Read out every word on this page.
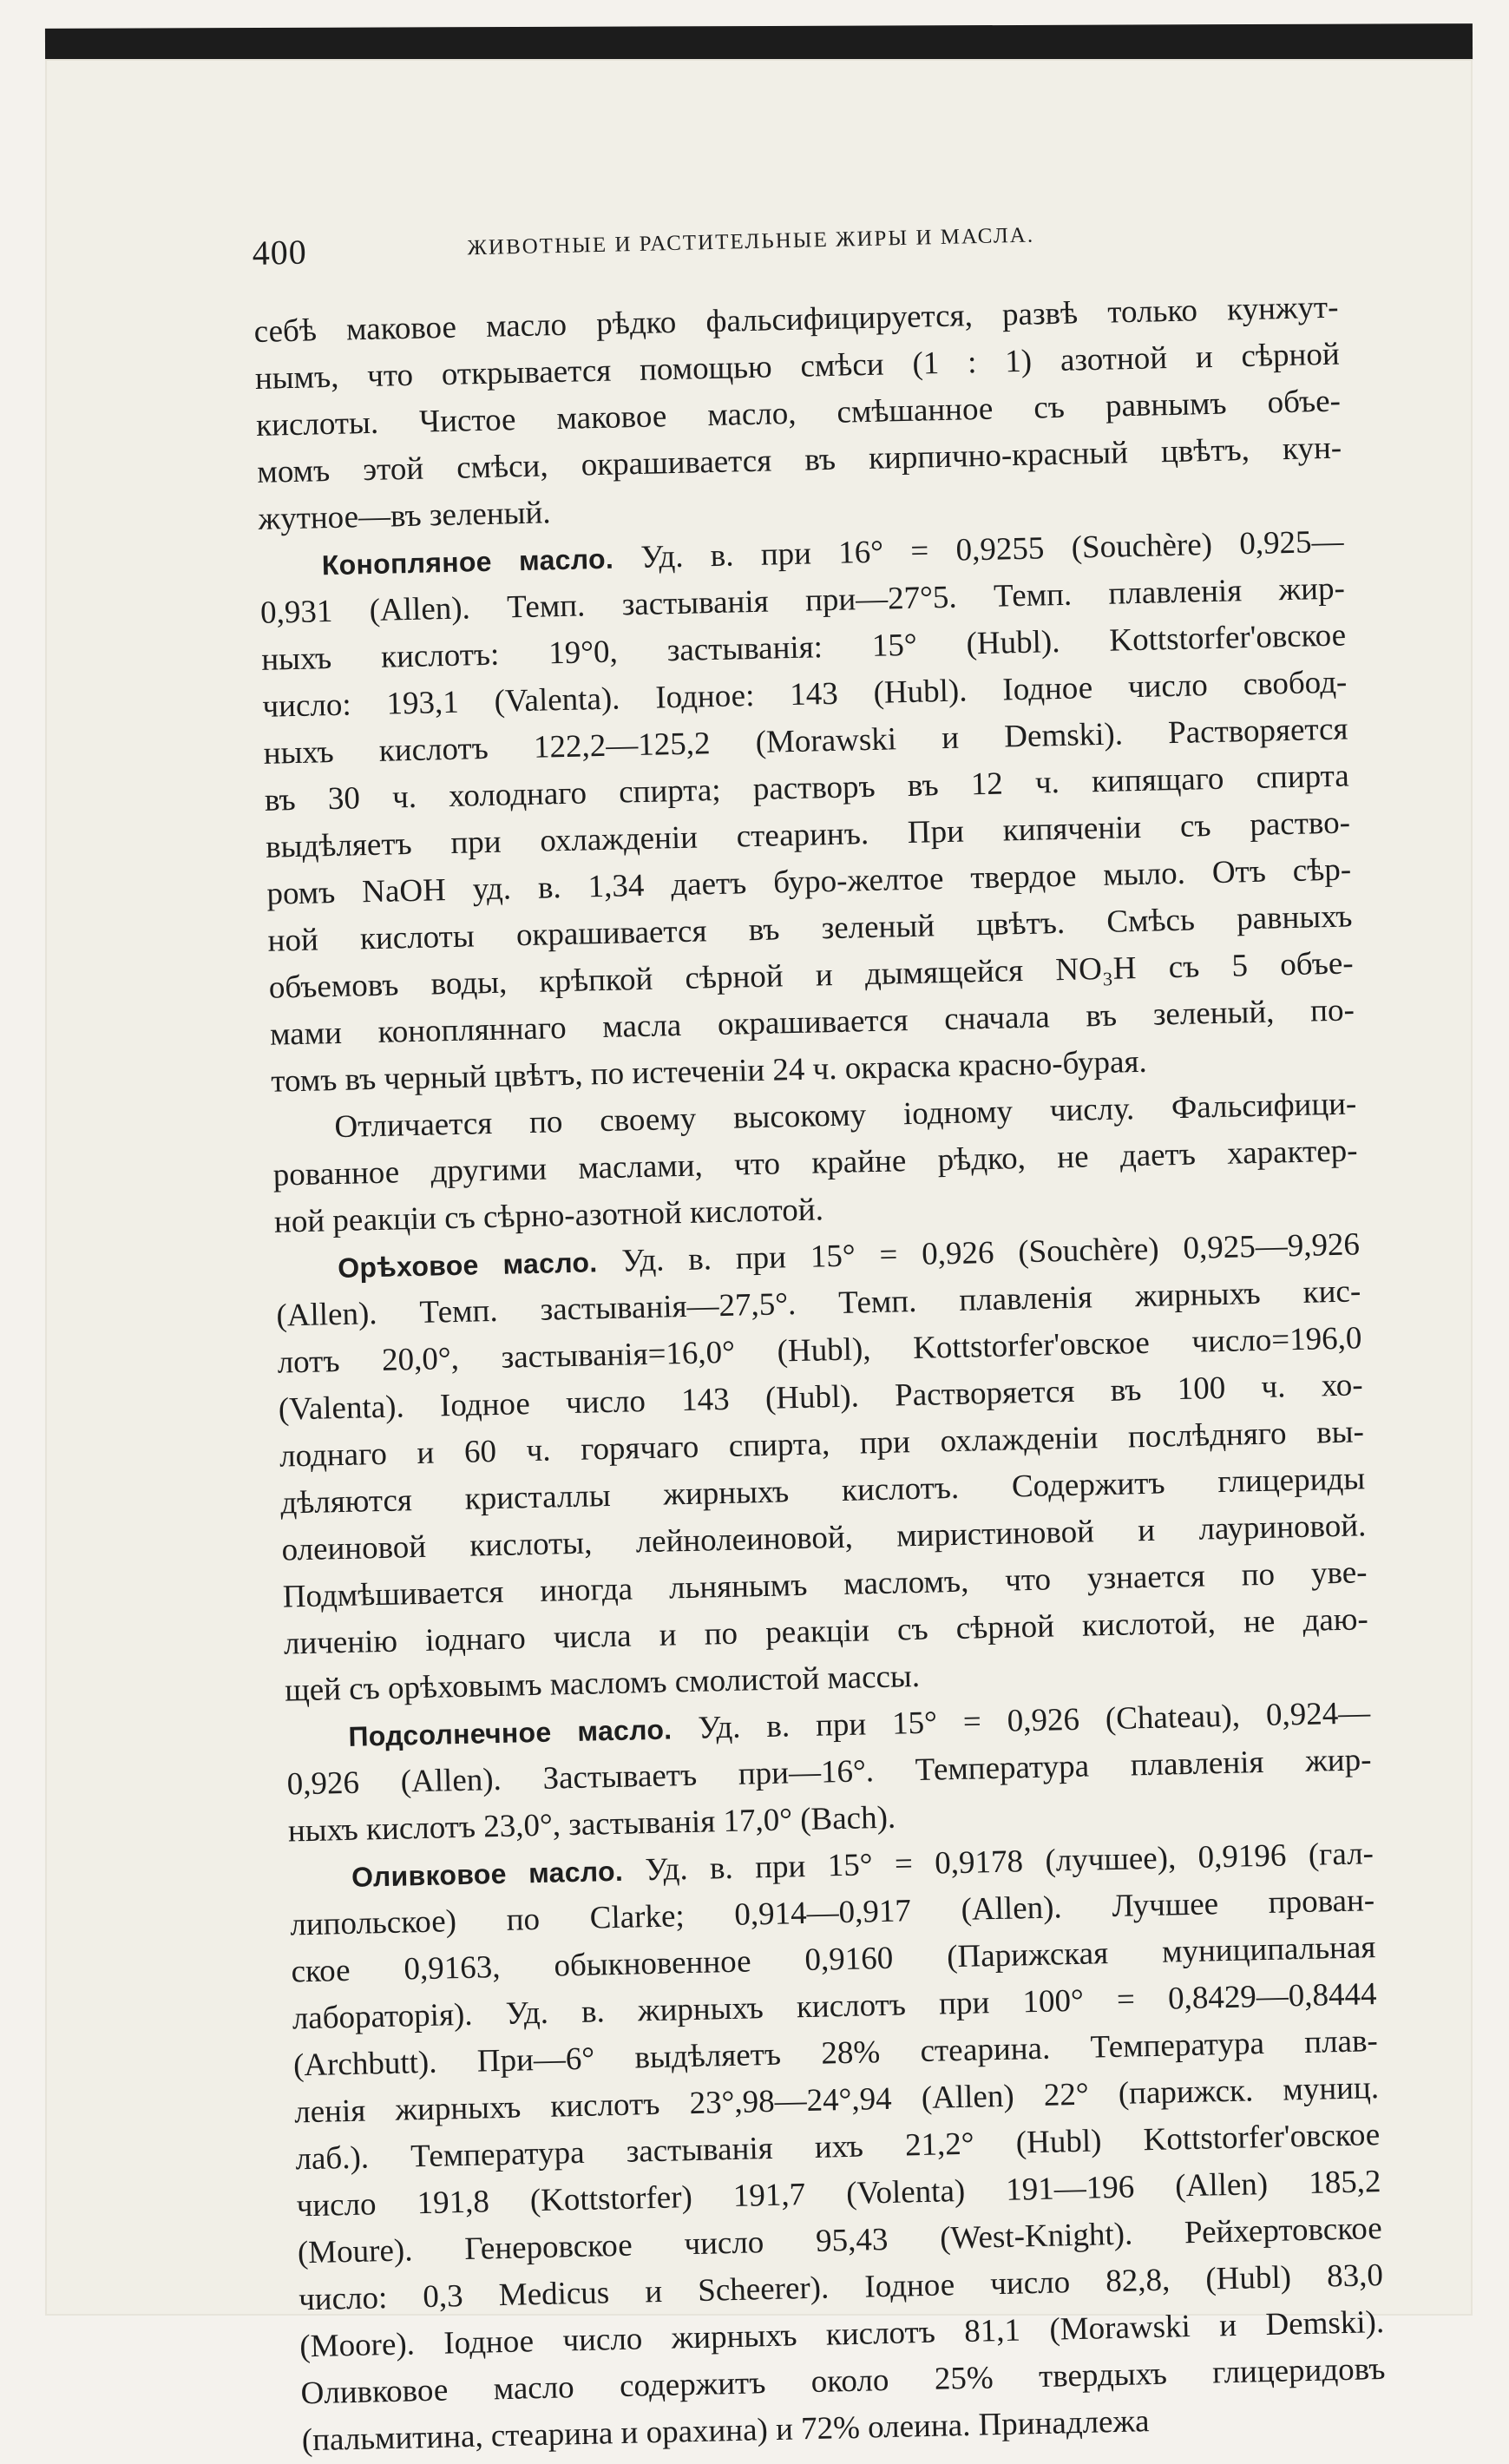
400	ЖИВОТНЫЕ И РАСТИТЕЛЬНЫЕ ЖИРЫ И МАСЛА.
себѣ маковое масло рѣдко фальсифицируется, развѣ только кунжут-
нымъ, что открывается помощью смѣси (1 : 1) азотной и сѣрной
кислоты. Чистое маковое масло, смѣшанное съ равнымъ объе-
момъ этой смѣси, окрашивается въ кирпично-красный цвѣтъ, кун-
жутное—въ зеленый.
Конопляное масло. Уд. в. при 16° = 0,9255 (Souchère) 0,925—
0,931 (Allen). Темп. застыванія при—27°5. Темп. плавленія жир-
ныхъ кислотъ: 19°0, застыванія: 15° (Hubl). Kottstorfer'овское
число: 193,1 (Valenta). Іодное: 143 (Hubl). Іодное число свобод-
ныхъ кислотъ 122,2—125,2 (Morawski и Demski). Растворяется
въ 30 ч. холоднаго спирта; растворъ въ 12 ч. кипящаго спирта
выдѣляетъ при охлажденіи стеаринъ. При кипяченіи съ раство-
ромъ NaOH уд. в. 1,34 даетъ буро-желтое твердое мыло. Отъ сѣр-
ной кислоты окрашивается въ зеленый цвѣтъ. Смѣсь равныхъ
объемовъ воды, крѣпкой сѣрной и дымящейся NO₃H съ 5 объе-
мами конопляннаго масла окрашивается сначала въ зеленый, по-
томъ въ черный цвѣтъ, по истеченіи 24 ч. окраска красно-бурая.
Отличается по своему высокому іодному числу. Фальсифици-
рованное другими маслами, что крайне рѣдко, не даетъ характер-
ной реакціи съ сѣрно-азотной кислотой.
Орѣховое масло. Уд. в. при 15° = 0,926 (Souchère) 0,925—9,926
(Allen). Темп. застыванія—27,5°. Темп. плавленія жирныхъ кис-
лотъ 20,0°, застыванія=16,0° (Hubl), Kottstorfer'овское число=196,0
(Valenta). Іодное число 143 (Hubl). Растворяется въ 100 ч. хо-
лоднаго и 60 ч. горячаго спирта, при охлажденіи послѣдняго вы-
дѣляются кристаллы жирныхъ кислотъ. Содержитъ глицериды
олеиновой кислоты, лейнолеиновой, миристиновой и лауриновой.
Подмѣшивается иногда льнянымъ масломъ, что узнается по уве-
личенію іоднаго числа и по реакціи съ сѣрной кислотой, не даю-
щей съ орѣховымъ масломъ смолистой массы.
Подсолнечное масло. Уд. в. при 15° = 0,926 (Chateau), 0,924—
0,926 (Allen). Застываетъ при—16°. Температура плавленія жир-
ныхъ кислотъ 23,0°, застыванія 17,0° (Bach).
Оливковое масло. Уд. в. при 15° = 0,9178 (лучшее), 0,9196 (гал-
липольское) по Clarke; 0,914—0,917 (Allen). Лучшее прован-
ское 0,9163, обыкновенное 0,9160 (Парижская муниципальная
лабораторія). Уд. в. жирныхъ кислотъ при 100° = 0,8429—0,8444
(Archbutt). При—6° выдѣляетъ 28% стеарина. Температура плав-
ленія жирныхъ кислотъ 23°,98—24°,94 (Allen) 22° (парижск. муниц.
лаб.). Температура застыванія ихъ 21,2° (Hubl) Kottstorfer'овское
число 191,8 (Kottstorfer) 191,7 (Volenta) 191—196 (Allen) 185,2
(Moure). Генеровское число 95,43 (West-Knight). Рейхертовское
число: 0,3 Medicus и Scheerer). Іодное число 82,8, (Hubl) 83,0
(Moore). Іодное число жирныхъ кислотъ 81,1 (Morawski и Demski).
Оливковое масло содержитъ около 25% твердыхъ глицеридовъ
(пальмитина, стеарина и орахина) и 72% олеина. Принадлежа
